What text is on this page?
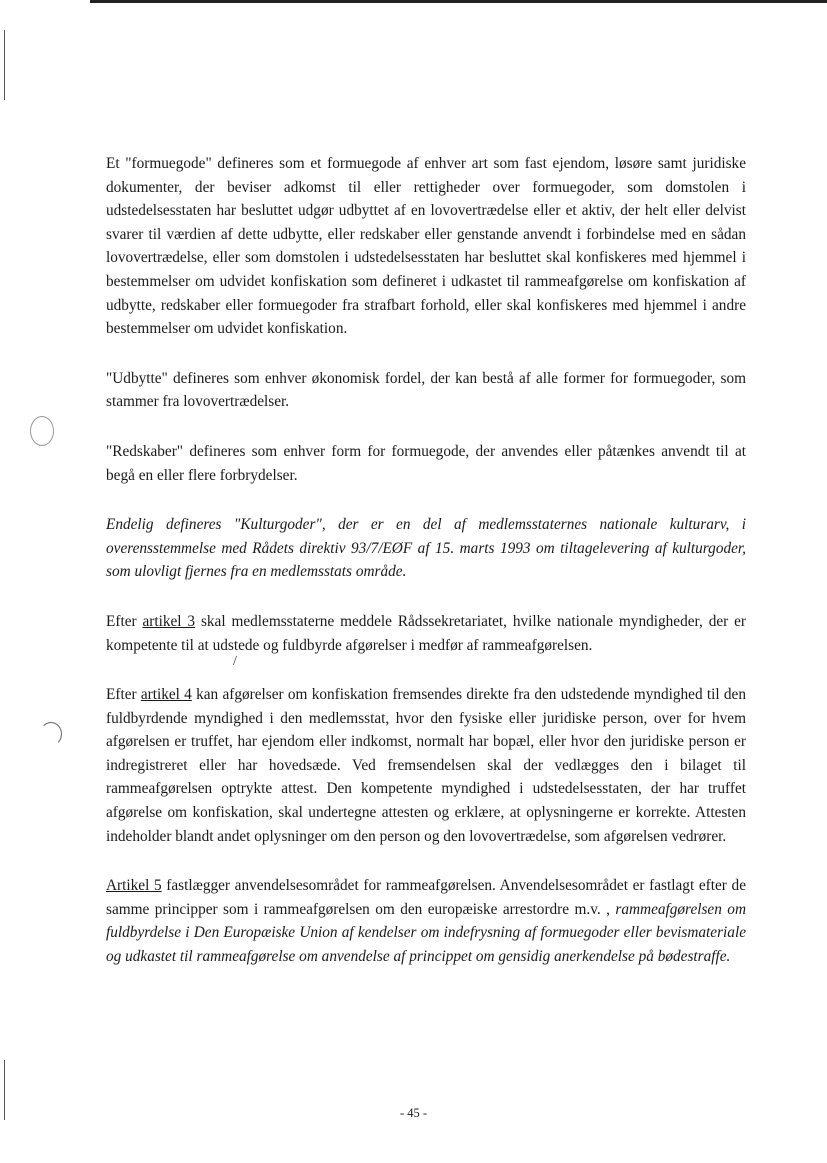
/

Et "formuegode" defineres som et formuegode af enhver art som fast ejendom, løsøre samt juridiske dokumenter, der beviser adkomst til eller rettigheder over formuegoder, som domstolen i udstedelsesstaten har besluttet udgør udbyttet af en lovovertrædelse eller et aktiv, der helt eller delvist svarer til værdien af dette udbytte, eller redskaber eller genstande anvendt i forbindelse med en sådan lovovertrædelse, eller som domstolen i udstedelsesstaten har besluttet skal konfiskeres med hjemmel i bestemmelser om udvidet konfiskation som defineret i udkastet til rammeafgørelse om konfiskation af udbytte, redskaber eller formuegoder fra strafbart forhold, eller skal konfiskeres med hjemmel i andre bestemmelser om udvidet konfiskation.

"Udbytte" defineres som enhver økonomisk fordel, der kan bestå af alle former for formuegoder, som stammer fra lovovertrædelser.

"Redskaber" defineres som enhver form for formuegode, der anvendes eller påtænkes anvendt til at begå en eller flere forbrydelser.

Endelig defineres "Kulturgoder", der er en del af medlemsstaternes nationale kulturarv, i overensstemmelse med Rådets direktiv 93/7/EØF af 15. marts 1993 om tiltagelevering af kulturgoder, som ulovligt fjernes fra en medlemsstats område.

Efter artikel 3 skal medlemsstaterne meddele Rådssekretariatet, hvilke nationale myndigheder, der er kompetente til at udstede og fuldbyrde afgørelser i medfør af rammeafgørelsen.

Efter artikel 4 kan afgørelser om konfiskation fremsendes direkte fra den udstedende myndighed til den fuldbyrdende myndighed i den medlemsstat, hvor den fysiske eller juridiske person, over for hvem afgørelsen er truffet, har ejendom eller indkomst, normalt har bopæl, eller hvor den juridiske person er indregistreret eller har hovedsæde. Ved fremsendelsen skal der vedlægges den i bilaget til rammeafgørelsen optrykte attest. Den kompetente myndighed i udstedelsesstaten, der har truffet afgørelse om konfiskation, skal undertegne attesten og erklære, at oplysningerne er korrekte. Attesten indeholder blandt andet oplysninger om den person og den lovovertrædelse, som afgørelsen vedrører.

Artikel 5 fastlægger anvendelsesområdet for rammeafgørelsen. Anvendelsesområdet er fastlagt efter de samme principper som i rammeafgørelsen om den europæiske arrestordre m.v. , rammeafgørelsen om fuldbyrdelse i Den Europæiske Union af kendelser om indefrysning af formuegoder eller bevismateriale og udkastet til rammeafgørelse om anvendelse af princippet om gensidig anerkendelse på bødestraffe.

- 45 -
